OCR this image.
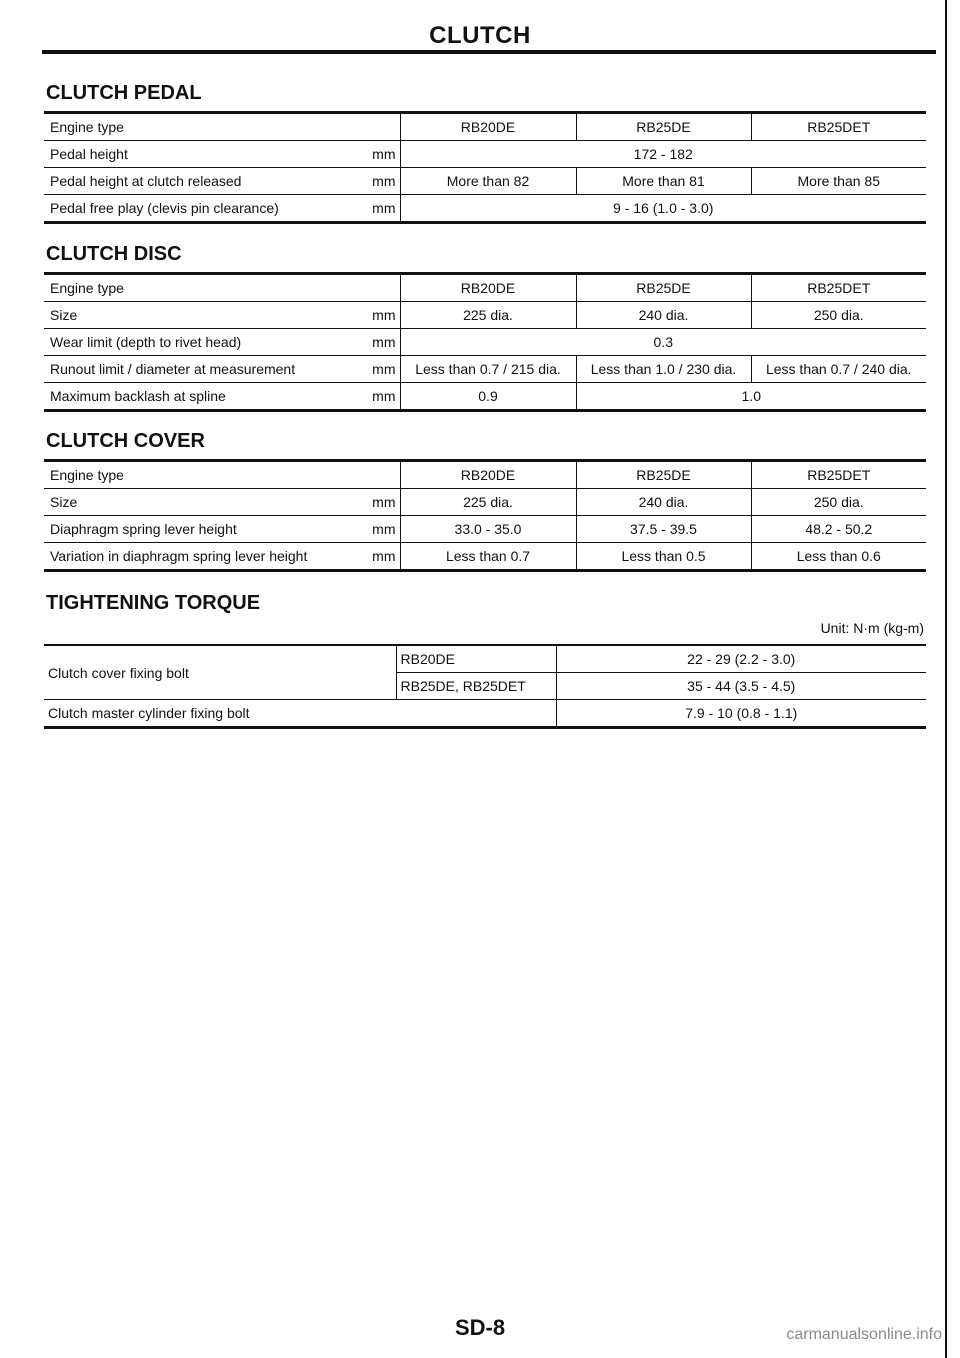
CLUTCH
CLUTCH PEDAL
Engine type	RB20DE	RB25DE	RB25DET

Pedal height mm	172 - 182		

Pedal height at clutch released mm	More than 82	More than 81	More than 85

Pedal free play (clevis pin clearance) mm	9 - 16 (1.0 - 3.0)		
CLUTCH DISC
Engine type	RB20DE	RB25DE	RB25DET

Size mm	225 dia.	240 dia.	250 dia.

Wear limit (depth to rivet head) mm	0.3		

Runout limit / diameter at measurement mm	Less than 0.7 / 215 dia.	Less than 1.0 / 230 dia.	Less than 0.7 / 240 dia.

Maximum backlash at spline mm	0.9	1.0	
CLUTCH COVER
Engine type	RB20DE	RB25DE	RB25DET

Size mm	225 dia.	240 dia.	250 dia.

Diaphragm spring lever height mm	33.0 - 35.0	37.5 - 39.5	48.2 - 50.2

Variation in diaphragm spring lever height mm	Less than 0.7	Less than 0.5	Less than 0.6
TIGHTENING TORQUE
Unit: N·m (kg-m)
Clutch cover fixing bolt	RB20DE	22 - 29 (2.2 - 3.0)
	RB25DE, RB25DET	35 - 44 (3.5 - 4.5)
Clutch master cylinder fixing bolt		7.9 - 10 (0.8 - 1.1)
SD-8	carmanualsonline.info
